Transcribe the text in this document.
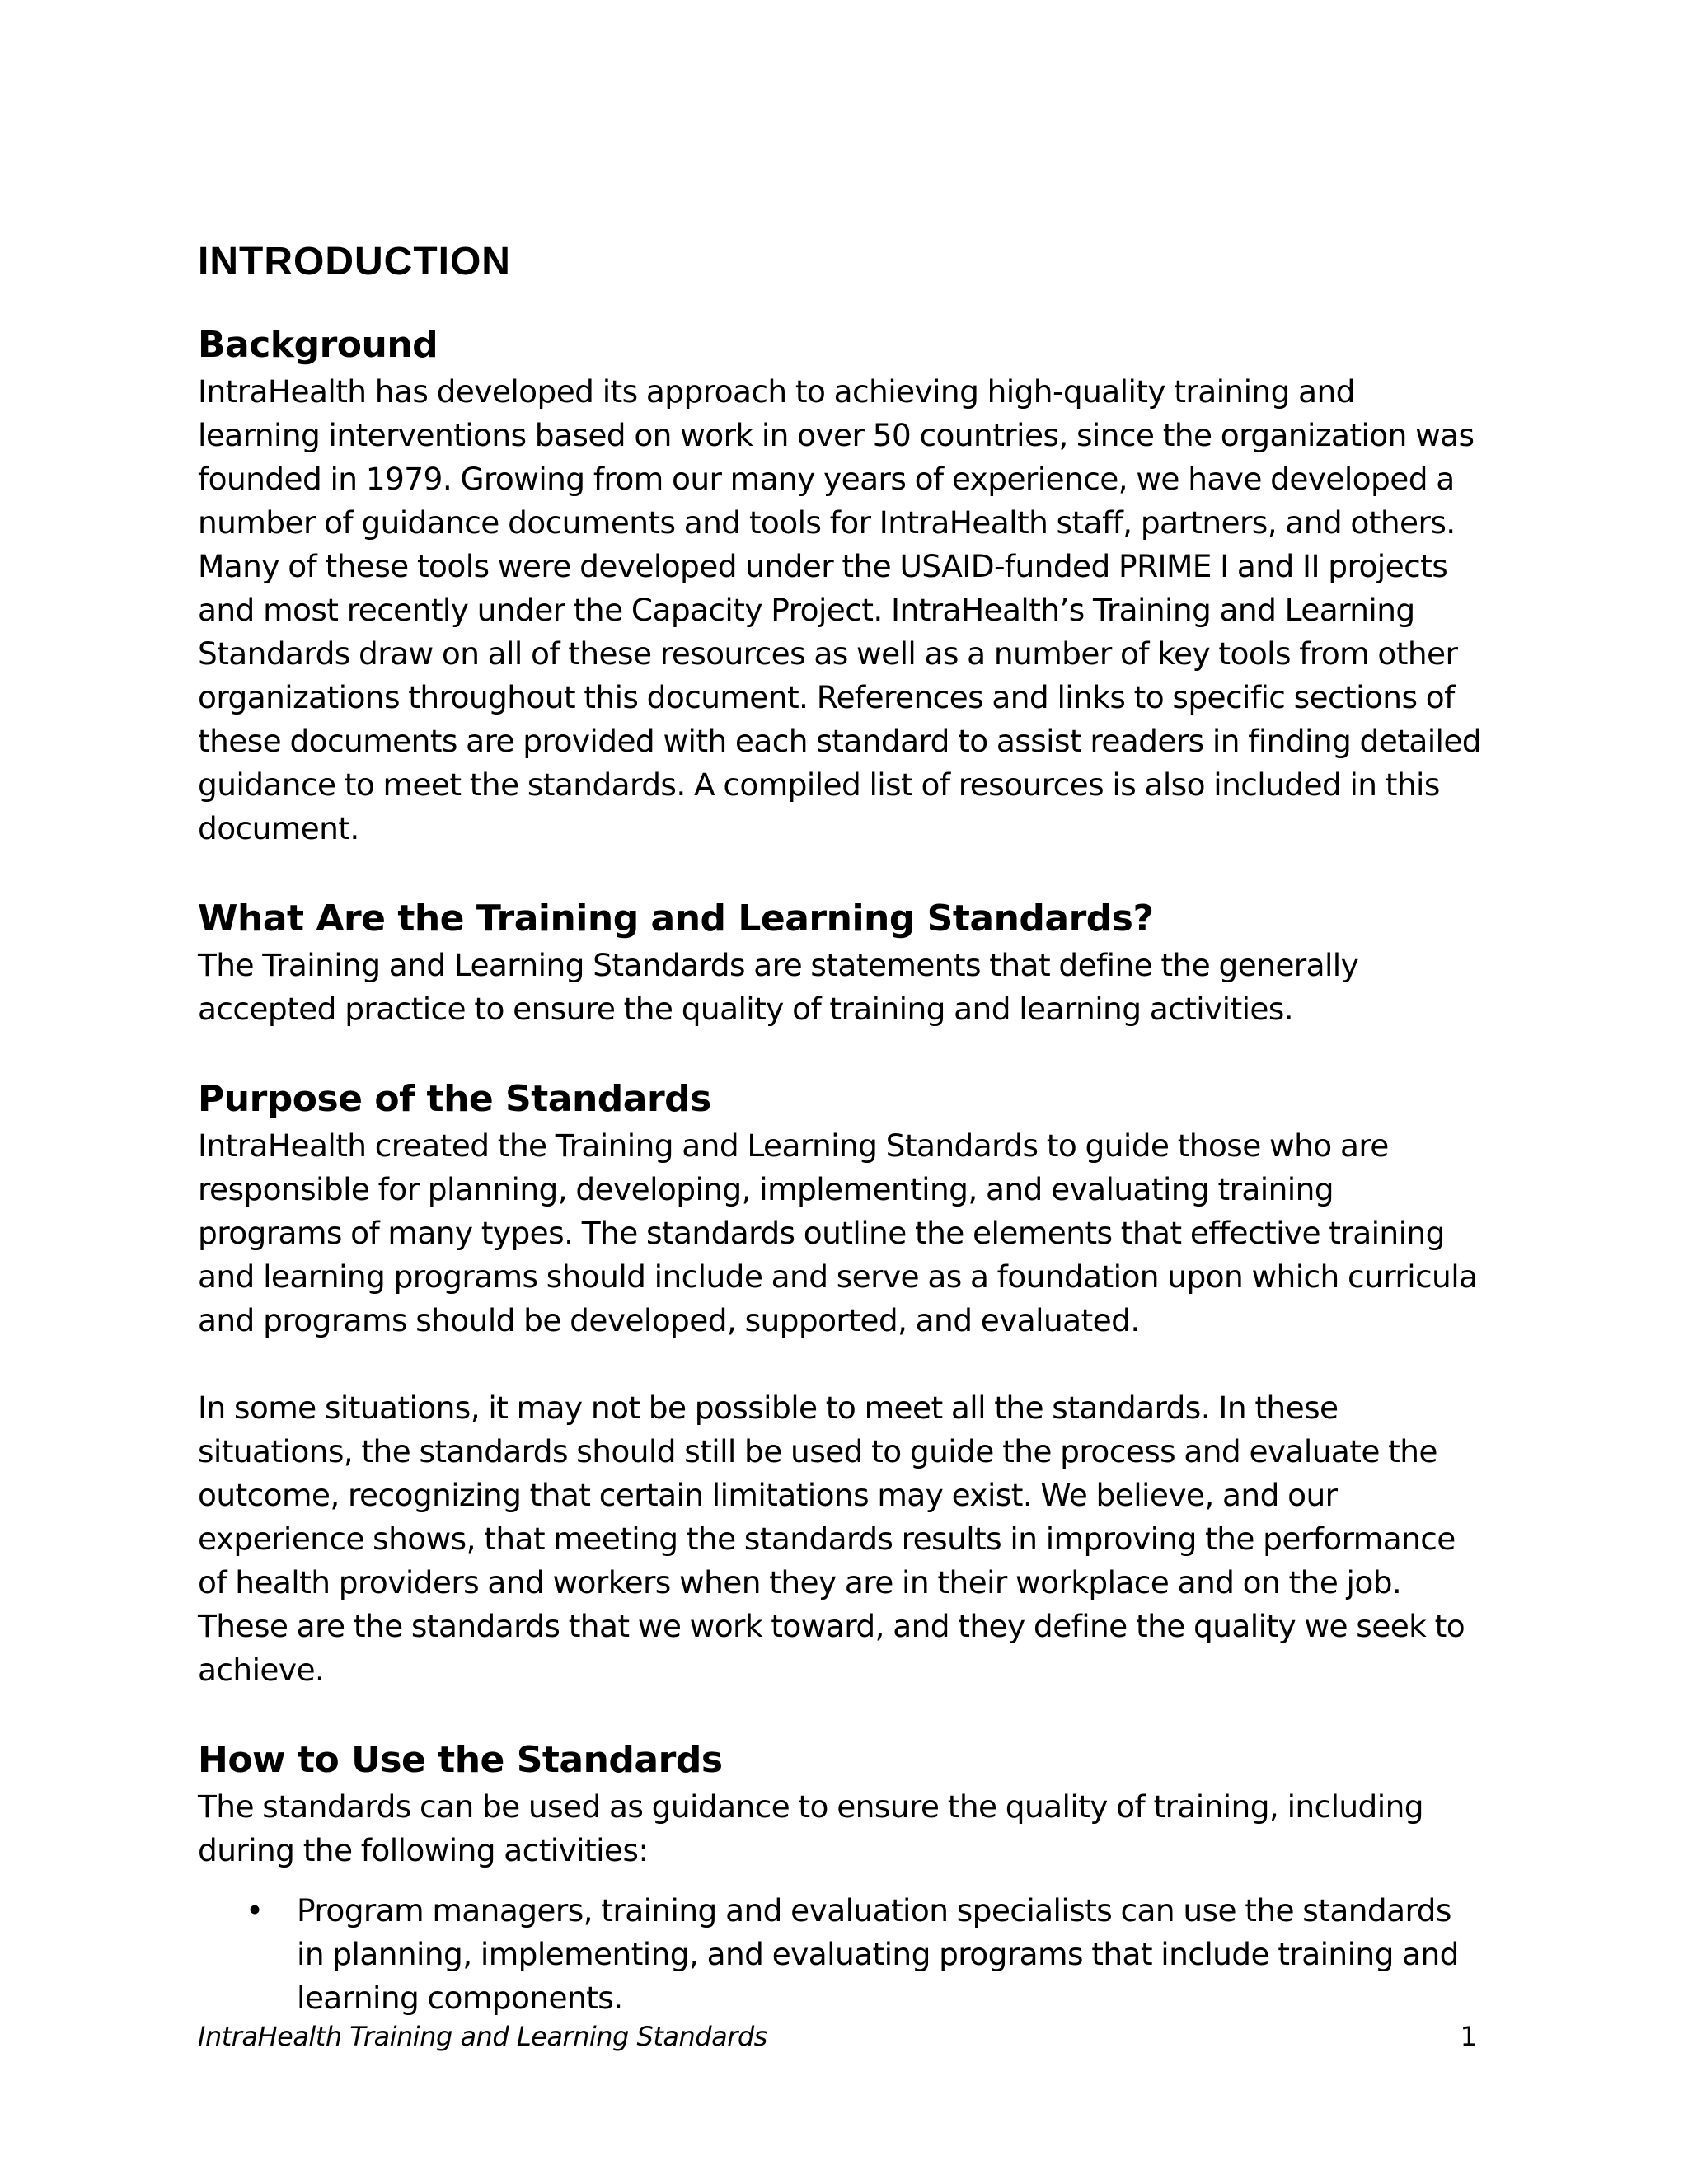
INTRODUCTION
Background

IntraHealth has developed its approach to achieving high-quality training and learning interventions based on work in over 50 countries, since the organization was founded in 1979. Growing from our many years of experience, we have developed a number of guidance documents and tools for IntraHealth staff, partners, and others. Many of these tools were developed under the USAID-funded PRIME I and II projects and most recently under the Capacity Project. IntraHealth’s Training and Learning Standards draw on all of these resources as well as a number of key tools from other organizations throughout this document. References and links to specific sections of these documents are provided with each standard to assist readers in finding detailed guidance to meet the standards. A compiled list of resources is also included in this document.

What Are the Training and Learning Standards?

The Training and Learning Standards are statements that define the generally accepted practice to ensure the quality of training and learning activities.

Purpose of the Standards

IntraHealth created the Training and Learning Standards to guide those who are responsible for planning, developing, implementing, and evaluating training programs of many types. The standards outline the elements that effective training and learning programs should include and serve as a foundation upon which curricula and programs should be developed, supported, and evaluated.

In some situations, it may not be possible to meet all the standards. In these situations, the standards should still be used to guide the process and evaluate the outcome, recognizing that certain limitations may exist. We believe, and our experience shows, that meeting the standards results in improving the performance of health providers and workers when they are in their workplace and on the job. These are the standards that we work toward, and they define the quality we seek to achieve.

How to Use the Standards

The standards can be used as guidance to ensure the quality of training, including during the following activities:

• Program managers, training and evaluation specialists can use the standards in planning, implementing, and evaluating programs that include training and learning components.
IntraHealth Training and Learning Standards	1
